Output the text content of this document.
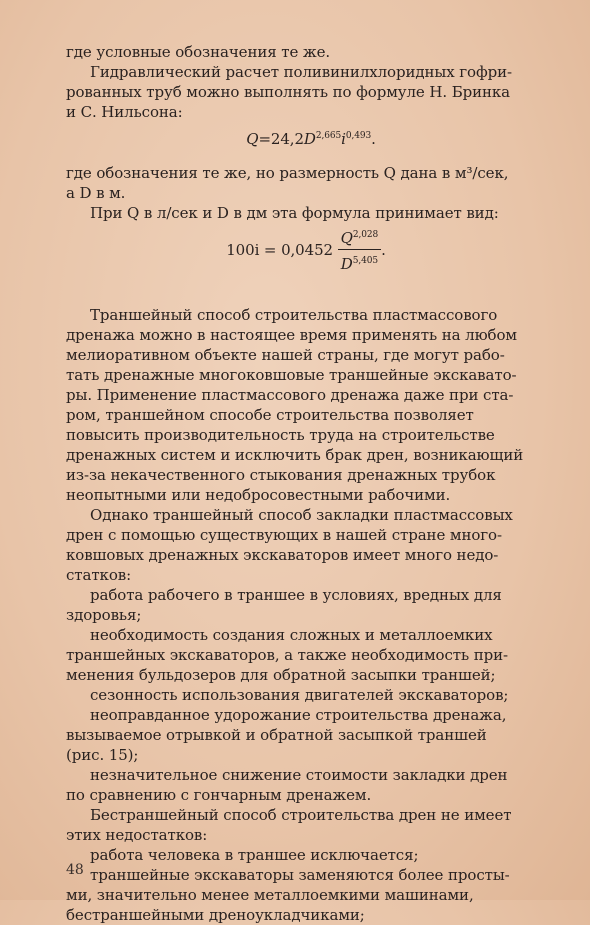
где условные обозначения те же.

Гидравлический расчет поливинилхлоридных гофри-
рованных труб можно выполнять по формуле Н. Бринка
и С. Нильсона:

$Q=24,2D^{2,665}i^{0,493}$.

где обозначения те же, но размерность Q дана в м³/сек,
а D в м.

При Q в л/сек и D в дм эта формула принимает вид:

$100i = 0,0452 \frac{Q^{2,028}}{D^{5,405}}$ .

Траншейный способ строительства пластмассового
дренажа можно в настоящее время применять на любом
мелиоративном объекте нашей страны, где могут рабо-
тать дренажные многоковшовые траншейные экскавато-
ры. Применение пластмассового дренажа даже при ста-
ром, траншейном способе строительства позволяет
повысить производительность труда на строительстве
дренажных систем и исключить брак дрен, возникающий
из-за некачественного стыкования дренажных трубок
неопытными или недобросовестными рабочими.

Однако траншейный способ закладки пластмассовых
дрен с помощью существующих в нашей стране много-
ковшовых дренажных экскаваторов имеет много недо-
статков:

работа рабочего в траншее в условиях, вредных для
здоровья;

необходимость создания сложных и металлоемких
траншейных экскаваторов, а также необходимость при-
менения бульдозеров для обратной засыпки траншей;

сезонность использования двигателей экскаваторов;

неоправданное удорожание строительства дренажа,
вызываемое отрывкой и обратной засыпкой траншей
(рис. 15);

незначительное снижение стоимости закладки дрен
по сравнению с гончарным дренажем.

Бестраншейный способ строительства дрен не имеет
этих недостатков:

работа человека в траншее исключается;

траншейные экскаваторы заменяются более просты-
ми, значительно менее металлоемкими машинами,
бестраншейными дреноукладчиками;

48
